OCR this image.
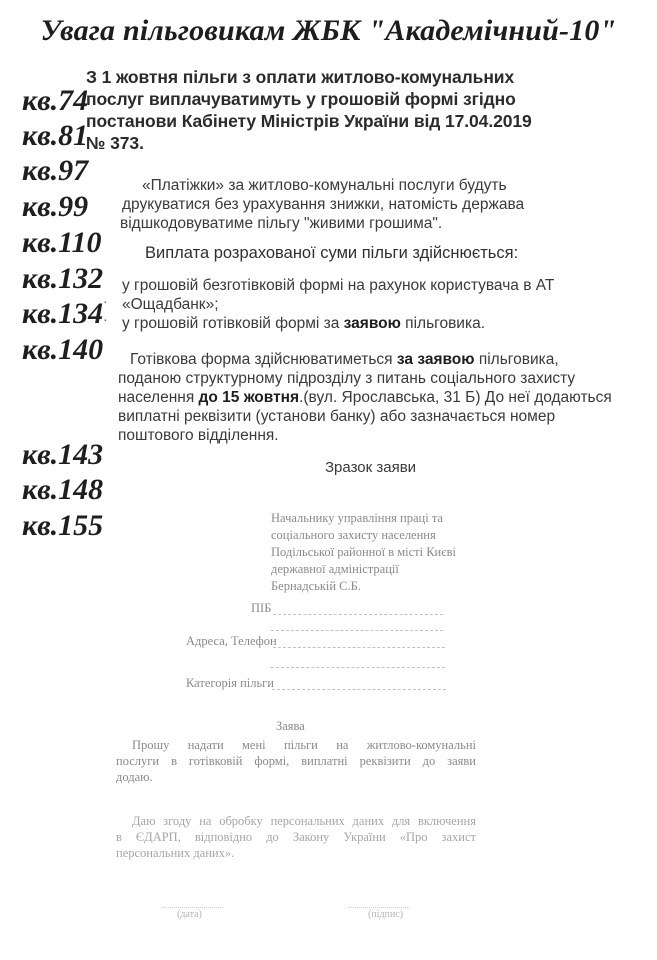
Увага пільговикам ЖБК "Академічний-10"
кв.74
кв.81
кв.97
кв.99
кв.110
кв.132
кв.134
кв.140
кв.143
кв.148
кв.155
·
·
З 1 жовтня пільги з оплати житлово-комунальних
послуг виплачуватимуть у грошовій формі згідно
постанови Кабінету Міністрів України від 17.04.2019
№ 373.
«Платіжки» за житлово-комунальні послуги будуть
друкуватися без урахування знижки, натомість держава
відшкодовуватиме пільгу "живими грошима".
Виплата розрахованої суми пільги здійснюється:
у грошовій безготівковій формі на рахунок користувача в АТ
«Ощадбанк»;
у грошовій готівковій формі за заявою пільговика.
Готівкова форма здійснюватиметься за заявою пільговика,
поданою структурному підрозділу з питань соціального захисту
населення до 15 жовтня.(вул. Ярославська, 31 Б) До неї додаються
виплатні реквізити (установи банку) або зазначається номер
поштового відділення.
Зразок заяви
Начальнику управління праці та
соціального захисту населення
Подільської районної в місті Києві
державної адміністрації
Бернадській С.Б.
ПІБ
Адреса, Телефон
Категорія пільги
Заява
Прошу надати мені пільги на житлово-комунальні
послуги в готівковій формі, виплатні реквізити до заяви
додаю.
Даю згоду на обробку персональних даних для включення
в ЄДАРП, відповідно до Закону України «Про захист
персональних даних».
(дата)	(підпис)
